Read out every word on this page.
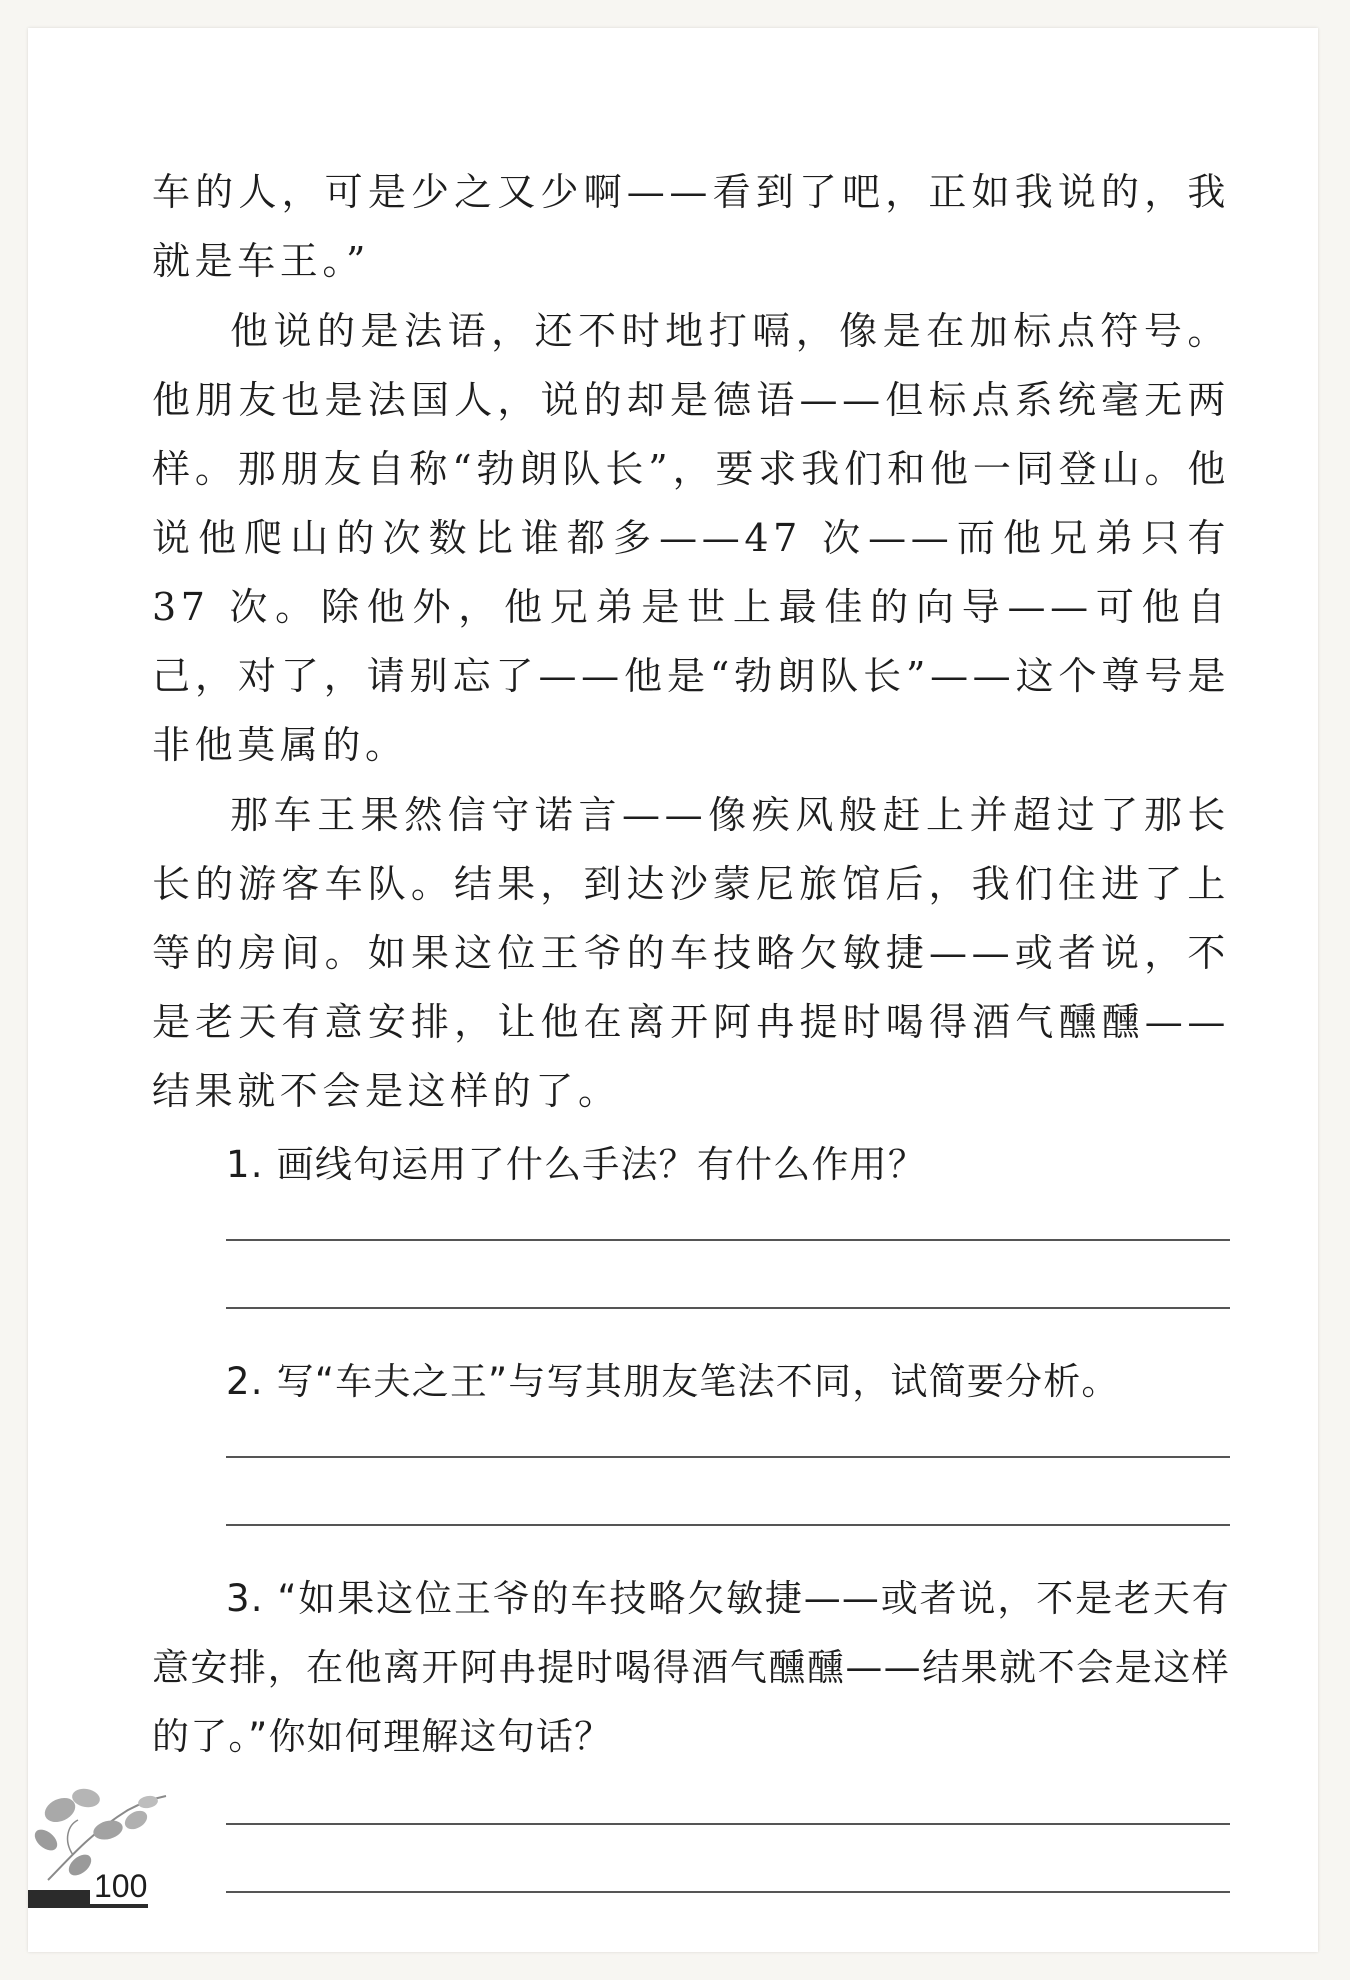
车的人，可是少之又少啊——看到了吧，正如我说的，我就是车王。”

他说的是法语，还不时地打嗝，像是在加标点符号。他朋友也是法国人，说的却是德语——但标点系统毫无两样。那朋友自称“勃朗队长”，要求我们和他一同登山。他说他爬山的次数比谁都多——47 次——而他兄弟只有 37 次。除他外，他兄弟是世上最佳的向导——可他自己，对了，请别忘了——他是“勃朗队长”——这个尊号是非他莫属的。

那车王果然信守诺言——像疾风般赶上并超过了那长长的游客车队。结果，到达沙蒙尼旅馆后，我们住进了上等的房间。如果这位王爷的车技略欠敏捷——或者说，不是老天有意安排，让他在离开阿冉提时喝得酒气醺醺——结果就不会是这样的了。

1. 画线句运用了什么手法？有什么作用？

2. 写“车夫之王”与写其朋友笔法不同，试简要分析。

3. “如果这位王爷的车技略欠敏捷——或者说，不是老天有意安排，在他离开阿冉提时喝得酒气醺醺——结果就不会是这样的了。”你如何理解这句话？

100
